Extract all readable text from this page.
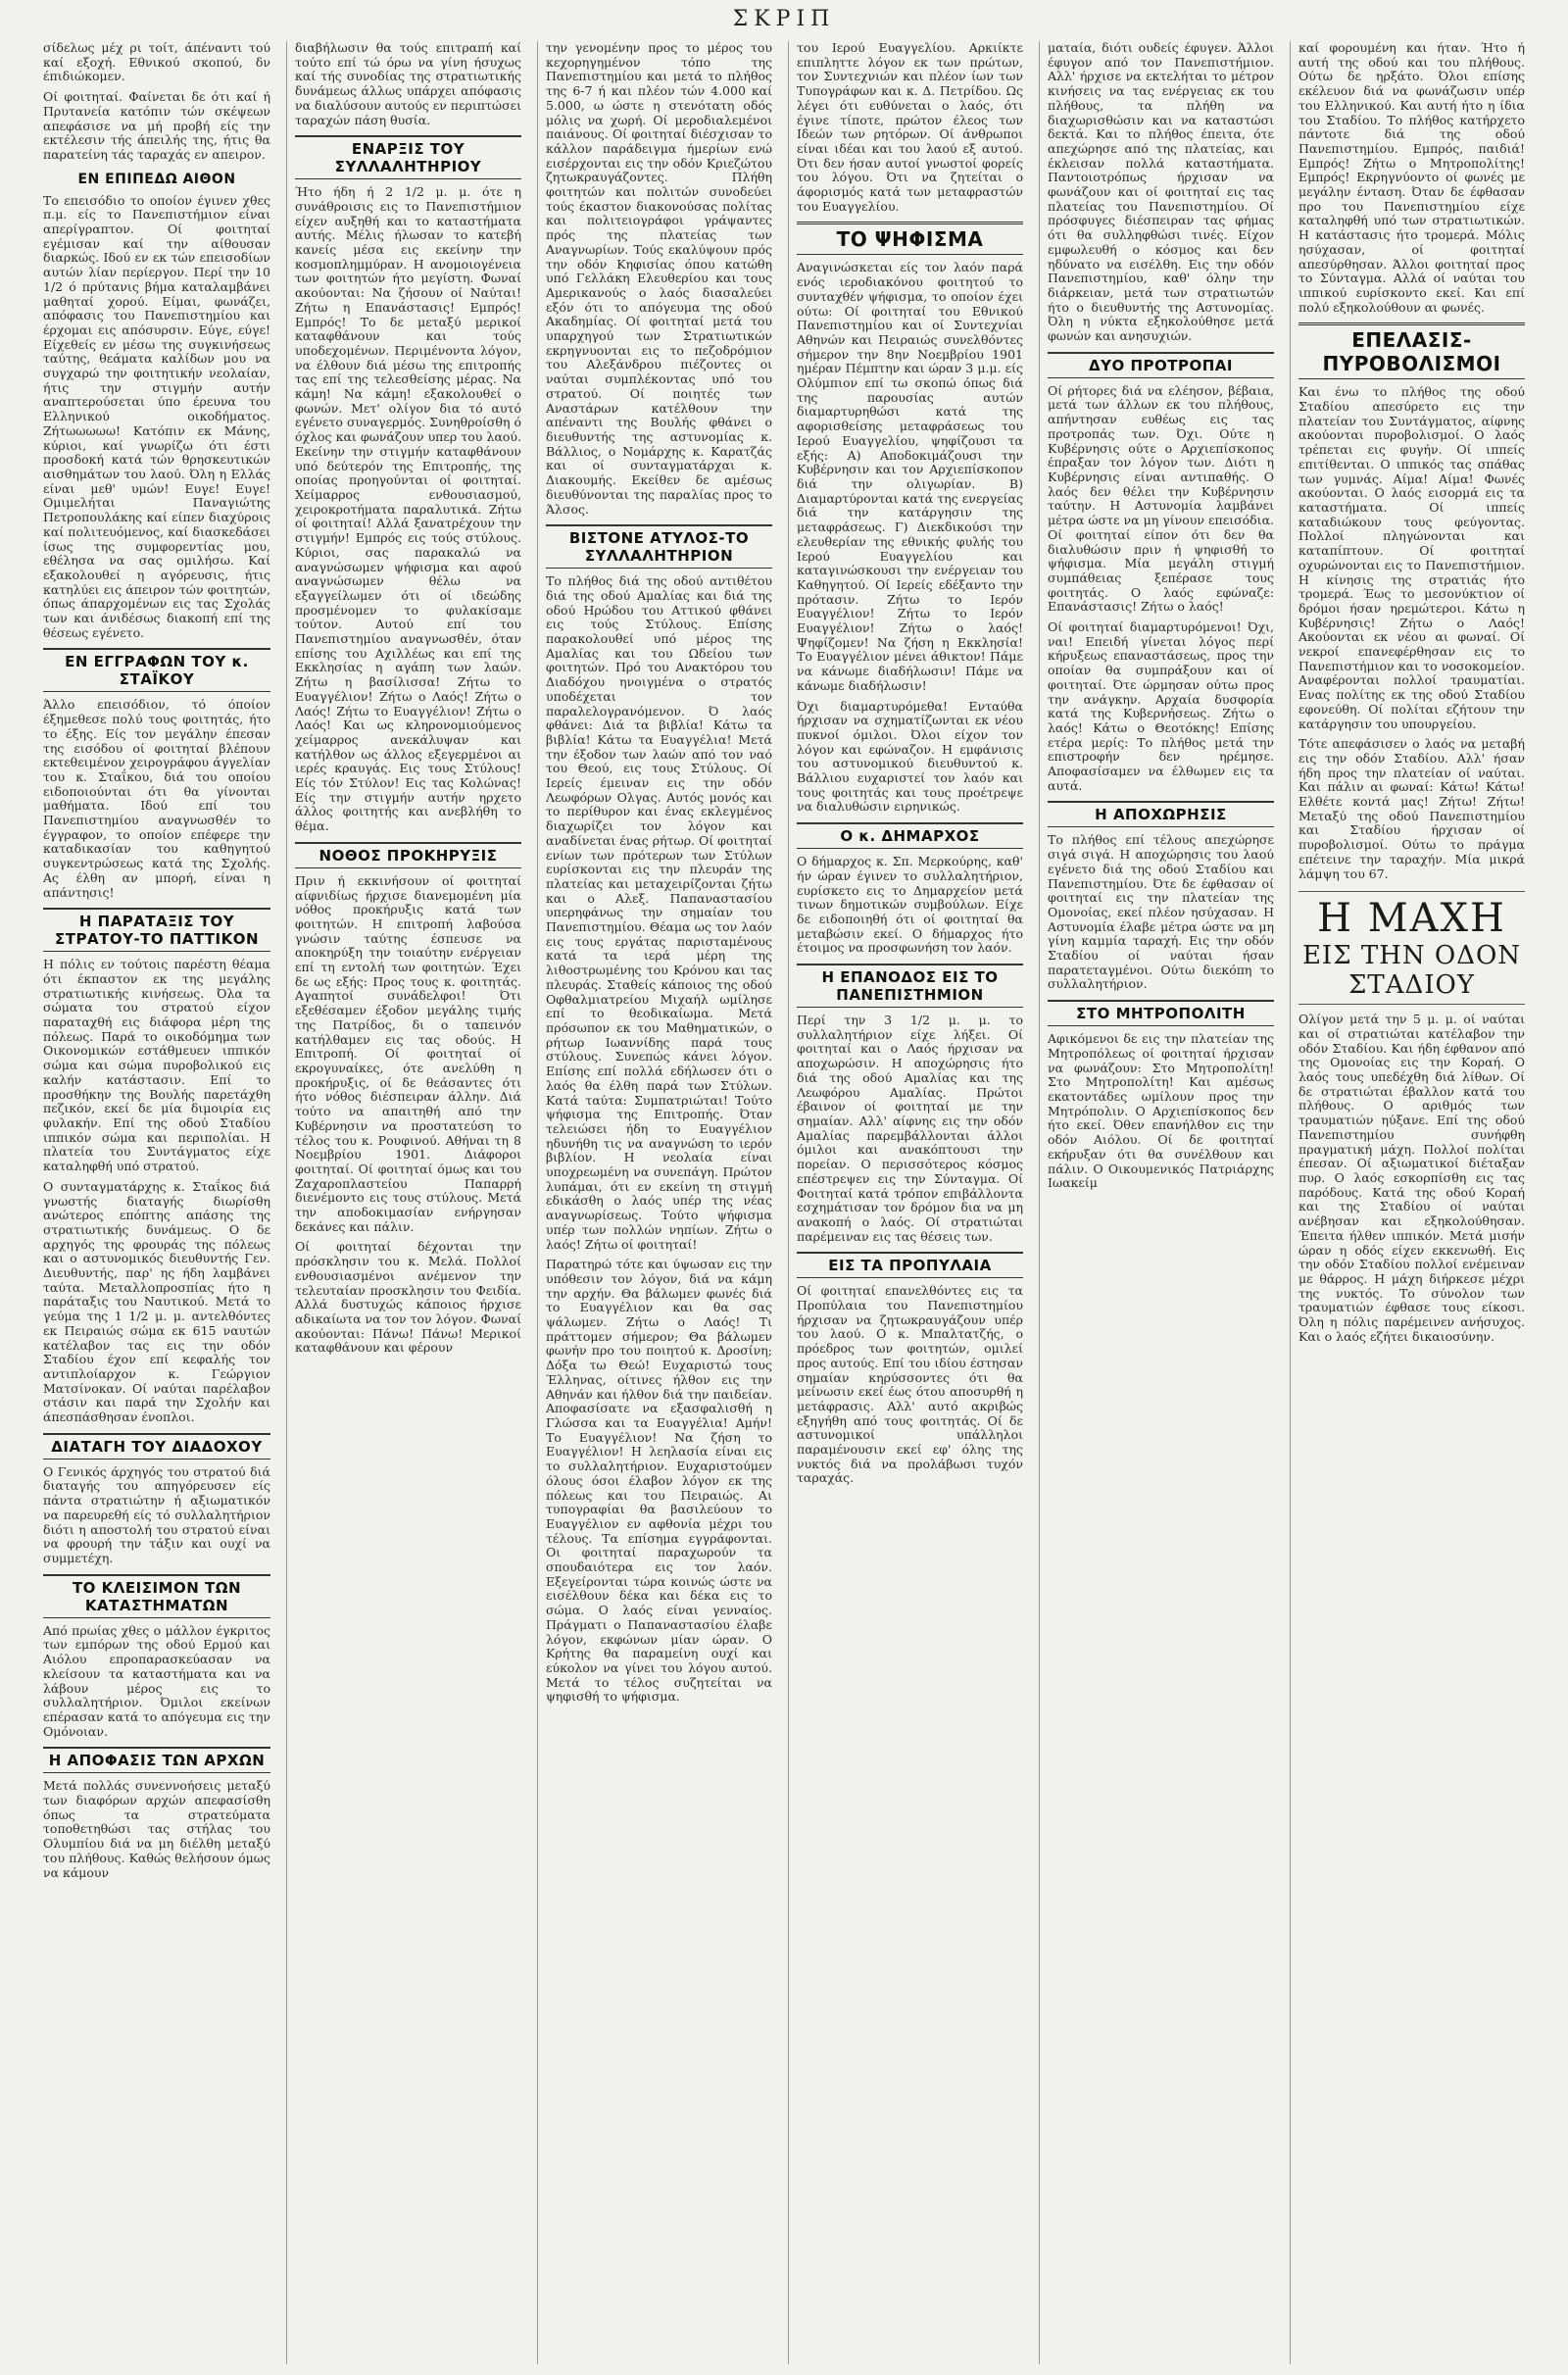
ΣΚΡΙΠ

σίδελως μέχ ρι τοίτ, άπέναντι τού καί εξοχή. Εθνικού σκοπού, δν έπιδιώκομεν.

Οί φοιτηταί. Φαίνεται δε ότι καί ή Πρυτανεία κατόπιν τών σκέψεων απεφάσισε να μή προβή είς την εκτέλεσιν τής άπειλής της, ήτις θα παρατείνη τάς ταραχάς εν απειρον.

ΕΝ ΕΠΙΠΕΔΩ ΑΙΘΟΝ

Το επεισόδιο το οποίον έγινεν χθες π.μ. είς το Πανεπιστήμιον είναι απερίγραπτον. Οί φοιτηταί εγέμισαν καί την αίθουσαν διαρκώς. Ιδού εν εκ τών επεισοδίων αυτών λίαν περίεργον. Περί την 10 1/2 ό πρύτανις βήμα καταλαμβάνει μαθηταί χορού. Είμαι, φωνάζει, απόφασις του Πανεπιστημίου και έρχομαι εις απόσυρσιν. Εύγε, εύγε! Είχεθείς εν μέσω της συγκινήσεως ταύτης, θεάματα καλίδων μου να συγχαρώ την φοιτητικήν νεολαίαν, ήτις την στιγμήν αυτήν αναπτερούσεται ύπο έρευνα του Ελληνικού οικοδήματος. Ζήτωωωωω! Κατόπιν εκ Μάνης, κύριοι, καί γνωρίζω ότι έστι προσδοκή κατά τών θρησκευτικών αισθημάτων του λαού. Όλη η Ελλάς είναι μεθ' υμών! Ευγε! Ευγε! Ομιμελήται Παναγιώτης Πετροπουλάκης καί είπεν διαχύροις καί πολιτευόμενος, καί διασκεδάσει ίσως της συμφορεντίας μου, εθέλησα να σας ομιλήσω. Καί εξακολουθεί η αγόρευσις, ήτις κατηλύει εις άπειρον τών φοιτητών, όπως άπαρχομένων εις τας Σχολάς των και άνιδέσως διακοπή επί της θέσεως εγένετο.

ΕΝ ΕΓΓΡΑΦΩΝ ΤΟΥ κ. ΣΤΑΪΚΟΥ

Άλλο επεισόδιον, τό όποίον έξημεθεσε πολύ τους φοιτητάς, ήτο το έξης. Είς τον μεγάλην έπεσαν της εισόδου οί φοιτηταί βλέπουν εκτεθειμένον χειρογράφου άγγελίαν του κ. Σταΐκου, διά του οποίου ειδοποιούνται ότι θα γίνονται μαθήματα. Ιδού επί του Πανεπιστημίου αναγνωσθέν το έγγραφον, το οποίον επέφερε την καταδικασίαν του καθηγητού συγκεντρώσεως κατά της Σχολής. Ας έλθη αν μπορή, είναι η απάντησις!

Η ΠΑΡΑΤΑΞΙΣ ΤΟΥ ΣΤΡΑΤΟΥ-ΤΟ ΠΑΤΤΙΚΟΝ

Η πόλις εν τούτοις παρέστη θέαμα ότι έκπαστον εκ της μεγάλης στρατιωτικής κινήσεως. Όλα τα σώματα του στρατού είχον παραταχθή εις διάφορα μέρη της πόλεως. Παρά το οικοδόμημα των Οικονομικών εστάθμευεν ιππικόν σώμα και σώμα πυροβολικού εις καλήν κατάστασιν. Επί το προσθήκην της Βουλής παρετάχθη πεζικόν, εκεί δε μία διμοιρία εις φυλακήν. Επί της οδού Σταδίου ιππικόν σώμα και περιπολίαι. Η πλατεία του Συντάγματος είχε καταληφθή υπό στρατού.

Ο συνταγματάρχης κ. Σταΐκος διά γνωστής διαταγής διωρίσθη ανώτερος επόπτης απάσης της στρατιωτικής δυνάμεως. Ο δε αρχηγός της φρουράς της πόλεως και ο αστυνομικός διευθυντής Γεν. Διευθυντής, παρ' ης ήδη λαμβάνει ταύτα. Μεταλλοπροσπίας ήτο η παράταξις του Ναυτικού. Μετά το γεύμα της 1 1/2 μ. μ. αντελθόντες εκ Πειραιώς σώμα εκ 615 ναυτών κατέλαβον τας εις την οδόν Σταδίου έχον επί κεφαλής τον αντιπλοίαρχον κ. Γεώργιον Ματσίνοκαν. Οί ναύται παρέλαβον στάσιν και παρά την Σχολήν και άπεσπάσθησαν ένοπλοι.

ΔΙΑΤΑΓΗ ΤΟΥ ΔΙΑΔΟΧΟΥ

Ο Γενικός άρχηγός του στρατού διά διαταγής του απηγόρευσεν είς πάντα στρατιώτην ή αξιωματικόν να παρευρεθή είς τό συλλαλητήριον διότι η αποστολή του στρατού είναι να φρουρή την τάξιν και ουχί να συμμετέχη.

ΤΟ ΚΛΕΙΣΙΜΟΝ ΤΩΝ ΚΑΤΑΣΤΗΜΑΤΩΝ

Από πρωίας χθες ο μάλλον έγκριτος των εμπόρων της οδού Ερμού και Αιόλου επροπαρασκεύασαν να κλείσουν τα καταστήματα και να λάβουν μέρος εις το συλλαλητήριον. Όμιλοι εκείνων επέρασαν κατά το απόγευμα εις την Ομόνοιαν.

Η ΑΠΟΦΑΣΙΣ ΤΩΝ ΑΡΧΩΝ

Μετά πολλάς συνεννοήσεις μεταξύ των διαφόρων αρχών απεφασίσθη όπως τα στρατεύματα τοποθετηθώσι τας στήλας του Ολυμπίου διά να μη διέλθη μεταξύ του πλήθους. Καθώς θελήσουν όμως να κάμουν

διαβήλωσιν θα τούς επιτραπή καί τούτο επί τώ όρω να γίνη ήσυχως καί τής συνοδίας της στρατιωτικής δυνάμεως άλλως υπάρχει απόφασις να διαλύσουν αυτούς εν περιπτώσει ταραχών πάση θυσία.

ΕΝΑΡΞΙΣ ΤΟΥ ΣΥΛΛΑΛΗΤΗΡΙΟΥ

Ήτο ήδη ή 2 1/2 μ. μ. ότε η συνάθροισις εις το Πανεπιστήμιον είχεν αυξηθή και το καταστήματα αυτής. Μέλις ήλωσαν το κατεβή κανείς μέσα εις εκείνην την κοσμοπλημμύραν. Η ανομοιογένεια των φοιτητών ήτο μεγίστη. Φωναί ακούονται: Να ζήσουν οί Ναύται! Ζήτω η Επανάστασις! Εμπρός! Εμπρός! Το δε μεταξύ μερικοί καταφθάνουν και τούς υποδεχομένων. Περιμένοντα λόγον, να έλθουν διά μέσω της επιτροπής τας επί της τελεσθείσης μέρας. Να κάμη! Να κάμη! εξακολουθεί ο φωνών. Μετ' ολίγον δια τό αυτό εγένετο συναγερμός. Συνηθροίσθη ό όχλος και φωνάζουν υπερ του λαού. Εκείνην την στιγμήν καταφθάνουν υπό δεύτερόν της Επιτροπής, της οποίας προηγούνται οί φοιτηταί. Χείμαρρος ενθουσιασμού, χειροκροτήματα παραλυτικά. Ζήτω οί φοιτηταί! Αλλά ξανατρέχουν την στιγμήν! Εμπρός εις τούς στύλους. Κύριοι, σας παρακαλώ να αναγνώσωμεν ψήφισμα και αφού αναγνώσωμεν θέλω να εξαγγείλωμεν ότι οί ιδεώδης προσμένομεν το φυλακίσαμε τούτον. Αυτού επί του Πανεπιστημίου αναγνωσθέν, όταν επίσης του Αχιλλέως και επί της Εκκλησίας η αγάπη των λαών. Ζήτω η βασίλισσα! Ζήτω το Ευαγγέλιον! Ζήτω ο Λαός! Ζήτω ο Λαός! Ζήτω το Ευαγγέλιον! Ζήτω ο Λαός! Και ως κληρονομιούμενος χείμαρρος ανεκάλυψαν και κατήλθον ως άλλος εξεγερμένοι αι ιερές κραυγάς. Εις τους Στύλους! Είς τόν Στύλον! Εις τας Κολώνας! Είς την στιγμήν αυτήν ηρχετο άλλος φοιτητής και ανεβλήθη το θέμα.

ΝΟΘΟΣ ΠΡΟΚΗΡΥΞΙΣ

Πριν ή εκκινήσουν οί φοιτηταί αίφνιδίως ήρχισε διανεμομένη μία νόθος προκήρυξις κατά των φοιτητών. Η επιτροπή λαβούσα γνώσιν ταύτης έσπευσε να αποκηρύξη την τοιαύτην ενέργειαν επί τη εντολή των φοιτητών. Έχει δε ως εξής: Προς τους κ. φοιτητάς. Αγαπητοί συνάδελφοι! Ότι εξεθέσαμεν έξοδον μεγάλης τιμής της Πατρίδος, δι ο ταπεινόν κατήλθαμεν εις τας οδούς. Η Επιτροπή. Οί φοιτηταί οί εκρογυναίκες, ότε ανελύθη η προκήρυξις, οί δε θεάσαντες ότι ήτο νόθος διέσπειραν άλλην. Διά τούτο να απαιτηθή από την Κυβέρνησιν να προστατεύση το τέλος του κ. Ρουφινού. Αθήναι τη 8 Νοεμβρίου 1901. Διάφοροι φοιτηταί. Οί φοιτηταί όμως και του Ζαχαροπλαστείου Παπαρρή διενέμοντο εις τους στύλους. Μετά την αποδοκιμασίαν ενήργησαν δεκάνες και πάλιν.

Οί φοιτηταί δέχονται την πρόσκλησιν του κ. Μελά. Πολλοί ενθουσιασμένοι ανέμενον την τελευταίαν προσκλησιν του Φειδία. Αλλά δυστυχώς κάποιος ήρχισε αδικαίωτα να τον τον λόγον. Φωναί ακούονται: Πάνω! Πάνω! Μερικοί καταφθάνουν και φέρουν

την γενομένην προς το μέρος του κεχορηγημένον τόπο της Πανεπιστημίου και μετά το πλήθος της 6-7 ή και πλέον τών 4.000 καί 5.000, ω ώστε η στενότατη οδός μόλις να χωρή. Οί μεροδιαλεμένοι παιάνους. Οί φοιτηταί διέσχισαν το κάλλον παράδειγμα ήμερίων ενώ εισέρχονται εις την οδόν Κριεζώτου ζητωκραυγάζοντες. Πλήθη φοιτητών και πολιτών συνοδεύει τούς έκαστον διακονούσας πολίτας και πολιτειογράφοι γράψαντες πρός της πλατείας των Αναγνωρίων. Τούς εκαλύψουν πρός την οδόν Κηφισίας όπου κατώθη υπό Γελλάκη Ελευθερίου και τους Αμερικανούς ο λαός διασαλεύει εξόν ότι το απόγευμα της οδού Ακαδημίας. Οί φοιτηταί μετά του υπαρχηγού των Στρατιωτικών εκρηγνυονται εις το πεζοδρόμιον του Αλεξάνδρου πιέζοντες οι ναύται συμπλέκοντας υπό του στρατού. Οί ποιητές των Αναστάρων κατέλθουν την απέναντι της Βουλής φθάνει ο διευθυντής της αστυνομίας κ. Βάλλιος, ο Νομάρχης κ. Καρατζάς και οί συνταγματάρχαι κ. Διακουμής. Εκείθεν δε αμέσως διευθύνονται της παραλίας προς το Άλσος.

ΒΙΣΤΟΝΕ ΑΤΥΛΟΣ-ΤΟ ΣΥΛΛΑΛΗΤΗΡΙΟΝ

Το πλήθος διά της οδού αντιθέτου διά της οδού Αμαλίας και διά της οδού Ηρώδου του Αττικού φθάνει εις τούς Στύλους. Επίσης παρακολουθεί υπό μέρος της Αμαλίας και του Ωδείου των φοιτητών. Πρό του Ανακτόρου του Διαδόχου ηνοιγμένα ο στρατός υποδέχεται τον παραλελογρανόμενον. Ό λαός φθάνει: Διά τα βιβλία! Κάτω τα βιβλία! Κάτω τα Ευαγγέλια! Μετά την έξοδον των λαών από τον ναό του Θεού, εις τους Στύλους. Οί Ιερείς έμειναν εις την οδόν Λεωφόρων Ολγας. Αυτός μονός και το περίθυρον και ένας εκλεγμένος διαχωρίζει τον λόγον και αναδίνεται ένας ρήτωρ. Οί φοιτηταί ενίων των πρότερων των Στύλων ευρίσκονται εις την πλευράν της πλατείας και μεταχειρίζονται ζήτω και ο Αλεξ. Παπαναστασίου υπερηφάνως την σημαίαν του Πανεπιστημίου. Θέαμα ως τον λαόν εις τους εργάτας παρισταμένους κατά τα ιερά μέρη της λιθοστρωμένης του Κρόνου και τας πλευράς. Σταθείς κάποιος της οδού Οφθαλμιατρείου Μιχαήλ ωμίλησε επί το θεοδικαίωμα. Μετά πρόσωπον εκ του Μαθηματικών, ο ρήτωρ Ιωαννίδης παρά τους στύλους. Συνεπώς κάνει λόγον. Επίσης επί πολλά εδήλωσεν ότι ο λαός θα έλθη παρά των Στύλων. Κατά ταύτα: Συμπατριώται! Τούτο ψήφισμα της Επιτροπής. Όταν τελειώσει ήδη το Ευαγγέλιον ηδυνήθη τις να αναγνώση το ιερόν βιβλίον. Η νεολαία είναι υποχρεωμένη να συνεπάγη. Πρώτον λυπάμαι, ότι εν εκείνη τη στιγμή εδικάσθη ο λαός υπέρ της νέας αναγνωρίσεως. Τούτο ψήφισμα υπέρ των πολλών νηπίων. Ζήτω ο λαός! Ζήτω οί φοιτηταί!

Παρατηρώ τότε και ύψωσαν εις την υπόθεσιν τον λόγον, διά να κάμη την αρχήν. Θα βάλωμεν φωνές διά το Ευαγγέλιον και θα σας ψάλωμεν. Ζήτω ο Λαός! Τι πράττομεν σήμερον; Θα βάλωμεν φωνήν προ του ποιητού κ. Δροσίνη; Δόξα τω Θεώ! Ευχαριστώ τους Έλληνας, οίτινες ήλθον εις την Αθηνάν και ήλθον διά την παιδείαν. Αποφασίσατε να εξασφαλισθή η Γλώσσα και τα Ευαγγέλια! Αμήν! Το Ευαγγέλιον! Να ζήση το Ευαγγέλιον! Η λεηλασία είναι εις το συλλαλητήριον. Ευχαριστούμεν όλους όσοι έλαβον λόγον εκ της πόλεως και του Πειραιώς. Αι τυπογραφίαι θα βασιλεύουν το Ευαγγέλιον εν αφθονία μέχρι του τέλους. Τα επίσημα εγγράφονται. Οι φοιτηταί παραχωρούν τα σπουδαιότερα εις τον λαόν. Εξεγείρονται τώρα κοινώς ώστε να εισέλθουν δέκα και δέκα εις το σώμα. Ο λαός είναι γενναίος. Πράγματι ο Παπαναστασίου έλαβε λόγον, εκφώνων μίαν ώραν. Ο Κρήτης θα παραμείνη ουχί και εύκολον να γίνει του λόγου αυτού. Μετά το τέλος συζητείται να ψηφισθή το ψήφισμα.

του Ιερού Ευαγγελίου. Αρκιίκτε επιπληττε λόγον εκ των πρώτων, τον Συντεχνιών και πλέον ίων των Τυπογράφων και κ. Δ. Πετρίδου. Ως λέγει ότι ευθύνεται ο λαός, ότι έγινε τίποτε, πρώτον έλεος των Ιδεών των ρητόρων. Οί άνθρωποι είναι ιδέαι και του λαού εξ αυτού. Ότι δεν ήσαν αυτοί γνωστοί φορείς του λόγου. Ότι να ζητείται ο άφορισμός κατά των μεταφραστών του Ευαγγελίου.

ΤΟ ΨΗΦΙΣΜΑ

Αναγινώσκεται είς τον λαόν παρά ενός ιεροδιακόνου φοιτητού το συνταχθέν ψήφισμα, το οποίον έχει ούτω: Οί φοιτηταί του Εθνικού Πανεπιστημίου και οί Συντεχνίαι Αθηνών και Πειραιώς συνελθόντες σήμερον την 8ην Νοεμβρίου 1901 ημέραν Πέμπτην και ώραν 3 μ.μ. είς Ολύμπιον επί τω σκοπώ όπως διά της παρουσίας αυτών διαμαρτυρηθώσι κατά της αφορισθείσης μεταφράσεως του Ιερού Ευαγγελίου, ψηφίζουσι τα εξής: Α) Αποδοκιμάζουσι την Κυβέρνησιν και τον Αρχιεπίσκοπον διά την ολιγωρίαν. Β) Διαμαρτύρονται κατά της ενεργείας διά την κατάργησιν της μεταφράσεως. Γ) Διεκδικούσι την ελευθερίαν της εθνικής φυλής του Ιερού Ευαγγελίου και καταγινώσκουσι την ενέργειαν του Καθηγητού. Οί Ιερείς εδέξαντο την πρότασιν. Ζήτω το Ιερόν Ευαγγέλιον! Ζήτω το Ιερόν Ευαγγέλιον! Ζήτω ο λαός! Ψηφίζομεν! Να ζήση η Εκκλησία! Το Ευαγγέλιον μένει άθικτον! Πάμε να κάνωμε διαδήλωσιν! Πάμε να κάνωμε διαδήλωσιν!

Όχι διαμαρτυρόμεθα! Ενταύθα ήρχισαν να σχηματίζωνται εκ νέου πυκνοί όμιλοι. Όλοι είχον τον λόγον και εφώναζον. Η εμφάνισις του αστυνομικού διευθυντού κ. Βάλλιου ευχαριστεί τον λαόν και τους φοιτητάς και τους προέτρεψε να διαλυθώσιν ειρηνικώς.

Ο κ. ΔΗΜΑΡΧΟΣ

Ο δήμαρχος κ. Σπ. Μερκούρης, καθ' ήν ώραν έγινεν το συλλαλητήριον, ευρίσκετο εις το Δημαρχείον μετά τινων δημοτικών συμβούλων. Είχε δε ειδοποιηθή ότι οί φοιτηταί θα μεταβώσιν εκεί. Ο δήμαρχος ήτο έτοιμος να προσφωνήση τον λαόν.

Η ΕΠΑΝΟΔΟΣ ΕΙΣ ΤΟ ΠΑΝΕΠΙΣΤΗΜΙΟΝ

Περί την 3 1/2 μ. μ. το συλλαλητήριον είχε λήξει. Οί φοιτηταί και ο Λαός ήρχισαν να αποχωρώσιν. Η αποχώρησις ήτο διά της οδού Αμαλίας και της Λεωφόρου Αμαλίας. Πρώτοι έβαινον οί φοιτηταί με την σημαίαν. Αλλ' αίφνης εις την οδόν Αμαλίας παρεμβάλλονται άλλοι όμιλοι και ανακόπτουσι την πορείαν. Ο περισσότερος κόσμος επέστρεψεν εις την Σύνταγμα. Οί Φοιτηταί κατά τρόπον επιβάλλοντα εσχημάτισαν τον δρόμον δια να μη ανακοπή ο λαός. Οί στρατιώται παρέμειναν εις τας θέσεις των.

ΕΙΣ ΤΑ ΠΡΟΠΥΛΑΙΑ

Οί φοιτηταί επανελθόντες εις τα Προπύλαια του Πανεπιστημίου ήρχισαν να ζητωκραυγάζουν υπέρ του λαού. Ο κ. Μπαλτατζής, ο πρόεδρος των φοιτητών, ομιλεί προς αυτούς. Επί του ιδίου έστησαν σημαίαν κηρύσσοντες ότι θα μείνωσιν εκεί έως ότου αποσυρθή η μετάφρασις. Αλλ' αυτό ακριβώς εξηγήθη από τους φοιτητάς. Οί δε αστυνομικοί υπάλληλοι παραμένουσιν εκεί εφ' όλης της νυκτός διά να προλάβωσι τυχόν ταραχάς.

ματαία, διότι ουδείς έφυγεν. Άλλοι έφυγον από τον Πανεπιστήμιον. Αλλ' ήρχισε να εκτελήται το μέτρον κινήσεις να τας ενέργειας εκ του πλήθους, τα πλήθη να διαχωρισθώσιν και να καταστώσι δεκτά. Και το πλήθος έπειτα, ότε απεχώρησε από της πλατείας, και έκλεισαν πολλά καταστήματα. Παντοιοτρόπως ήρχισαν να φωνάζουν και οί φοιτηταί εις τας πλατείας του Πανεπιστημίου. Οί πρόσφυγες διέσπειραν τας φήμας ότι θα συλληφθώσι τινές. Είχον εμφωλευθή ο κόσμος και δεν ηδύνατο να εισέλθη. Εις την οδόν Πανεπιστημίου, καθ' όλην την διάρκειαν, μετά των στρατιωτών ήτο ο διευθυντής της Αστυνομίας. Όλη η νύκτα εξηκολούθησε μετά φωνών και ανησυχιών.

ΔΥΟ ΠΡΟΤΡΟΠΑΙ

Οί ρήτορες διά να ελέησον, βέβαια, μετά των άλλων εκ του πλήθους, απήντησαν ευθέως εις τας προτροπάς των. Όχι. Ούτε η Κυβέρνησις ούτε ο Αρχιεπίσκοπος έπραξαν τον λόγον των. Διότι η Κυβέρνησις είναι αντιπαθής. Ο λαός δεν θέλει την Κυβέρνησιν ταύτην. Η Αστυνομία λαμβάνει μέτρα ώστε να μη γίνουν επεισόδια. Οί φοιτηταί είπον ότι δεν θα διαλυθώσιν πριν ή ψηφισθή το ψήφισμα. Μία μεγάλη στιγμή συμπάθειας ξεπέρασε τους φοιτητάς. Ο λαός εφώναζε: Επανάστασις! Ζήτω ο λαός!

Οί φοιτηταί διαμαρτυρόμενοι! Όχι, ναι! Επειδή γίνεται λόγος περί κήρυξεως επαναστάσεως, προς την οποίαν θα συμπράξουν και οί φοιτηταί. Ότε ώρμησαν ούτω προς την ανάγκην. Αρχαία δυσφορία κατά της Κυβερνήσεως. Ζήτω ο λαός! Κάτω ο Θεοτόκης! Επίσης ετέρα μερίς: Το πλήθος μετά την επιστροφήν δεν ηρέμησε. Αποφασίσαμεν να έλθωμεν εις τα αυτά.

Η ΑΠΟΧΩΡΗΣΙΣ

Το πλήθος επί τέλους απεχώρησε σιγά σιγά. Η αποχώρησις του λαού εγένετο διά της οδού Σταδίου και Πανεπιστημίου. Ότε δε έφθασαν οί φοιτηταί εις την πλατείαν της Ομονοίας, εκεί πλέον ησύχασαν. Η Αστυνομία έλαβε μέτρα ώστε να μη γίνη καμμία ταραχή. Εις την οδόν Σταδίου οί ναύται ήσαν παρατεταγμένοι. Ούτω διεκόπη το συλλαλητήριον.

ΣΤΟ ΜΗΤΡΟΠΟΛΙΤΗ

Αφικόμενοι δε εις την πλατείαν της Μητροπόλεως οί φοιτηταί ήρχισαν να φωνάζουν: Στο Μητροπολίτη! Στο Μητροπολίτη! Και αμέσως εκατοντάδες ωμίλουν προς την Μητρόπολιν. Ο Αρχιεπίσκοπος δεν ήτο εκεί. Όθεν επανήλθον εις την οδόν Αιόλου. Οί δε φοιτηταί εκήρυξαν ότι θα συνέλθουν και πάλιν. Ο Οικουμενικός Πατριάρχης Ιωακείμ

καί φορουμένη και ήταν. Ήτο ή αυτή της οδού και του πλήθους. Ούτω δε ηρξάτο. Όλοι επίσης εκέλευον διά να φωνάζωσιν υπέρ του Ελληνικού. Και αυτή ήτο η ίδια του Σταδίου. Το πλήθος κατήρχετο πάντοτε διά της οδού Πανεπιστημίου. Εμπρός, παιδιά! Εμπρός! Ζήτω ο Μητροπολίτης! Εμπρός! Εκρηγνύοντο οί φωνές με μεγάλην ένταση. Όταν δε έφθασαν προ του Πανεπιστημίου είχε καταληφθή υπό των στρατιωτικών. Η κατάστασις ήτο τρομερά. Μόλις ησύχασαν, οί φοιτηταί απεσύρθησαν. Άλλοι φοιτηταί προς το Σύνταγμα. Αλλά οί ναύται του ιππικού ευρίσκοντο εκεί. Και επί πολύ εξηκολούθουν αι φωνές.

ΕΠΕΛΑΣΙΣ-ΠΥΡΟΒΟΛΙΣΜΟΙ

Και ένω το πλήθος της οδού Σταδίου απεσύρετο εις την πλατείαν του Συντάγματος, αίφνης ακούονται πυροβολισμοί. Ο λαός τρέπεται εις φυγήν. Οί ιππείς επιτίθενται. Ο ιππικός τας σπάθας των γυμνάς. Αίμα! Αίμα! Φωνές ακούονται. Ο λαός εισορμά εις τα καταστήματα. Οί ιππείς καταδιώκουν τους φεύγοντας. Πολλοί πληγώνονται και καταπίπτουν. Οί φοιτηταί οχυρώνονται εις το Πανεπιστήμιον. Η κίνησις της στρατιάς ήτο τρομερά. Έως το μεσονύκτιον οί δρόμοι ήσαν ηρεμώτεροι. Κάτω η Κυβέρνησις! Ζήτω ο Λαός! Ακούονται εκ νέου αι φωναί. Οί νεκροί επανεφέρθησαν εις το Πανεπιστήμιον και το νοσοκομείον. Αναφέρονται πολλοί τραυματίαι. Ενας πολίτης εκ της οδού Σταδίου εφονεύθη. Οί πολίται εζήτουν την κατάργησιν του υπουργείου.

Τότε απεφάσισεν ο λαός να μεταβή εις την οδόν Σταδίου. Αλλ' ήσαν ήδη προς την πλατείαν οί ναύται. Και πάλιν αι φωναί: Κάτω! Κάτω! Ελθέτε κοντά μας! Ζήτω! Ζήτω! Μεταξύ της οδού Πανεπιστημίου και Σταδίου ήρχισαν οί πυροβολισμοί. Ούτω το πράγμα επέτεινε την ταραχήν. Μία μικρά λάμψη του 67.

Η ΜΑΧΗ
ΕΙΣ ΤΗΝ ΟΔΟΝ ΣΤΑΔΙΟΥ

Ολίγον μετά την 5 μ. μ. οί ναύται και οί στρατιώται κατέλαβον την οδόν Σταδίου. Και ήδη έφθανον από της Ομονοίας εις την Κοραή. Ο λαός τους υπεδέχθη διά λίθων. Οί δε στρατιώται έβαλλον κατά του πλήθους. Ο αριθμός των τραυματιών ηύξανε. Επί της οδού Πανεπιστημίου συνήφθη πραγματική μάχη. Πολλοί πολίται έπεσαν. Οί αξιωματικοί διέταξαν πυρ. Ο λαός εσκορπίσθη εις τας παρόδους. Κατά της οδού Κοραή και της Σταδίου οί ναύται ανέβησαν και εξηκολούθησαν. Έπειτα ήλθεν ιππικόν. Μετά μισήν ώραν η οδός είχεν εκκενωθή. Εις την οδόν Σταδίου πολλοί ενέμειναν με θάρρος. Η μάχη διήρκεσε μέχρι της νυκτός. Το σύνολον των τραυματιών έφθασε τους είκοσι. Όλη η πόλις παρέμεινεν ανήσυχος. Και ο λαός εζήτει δικαιοσύνην.
